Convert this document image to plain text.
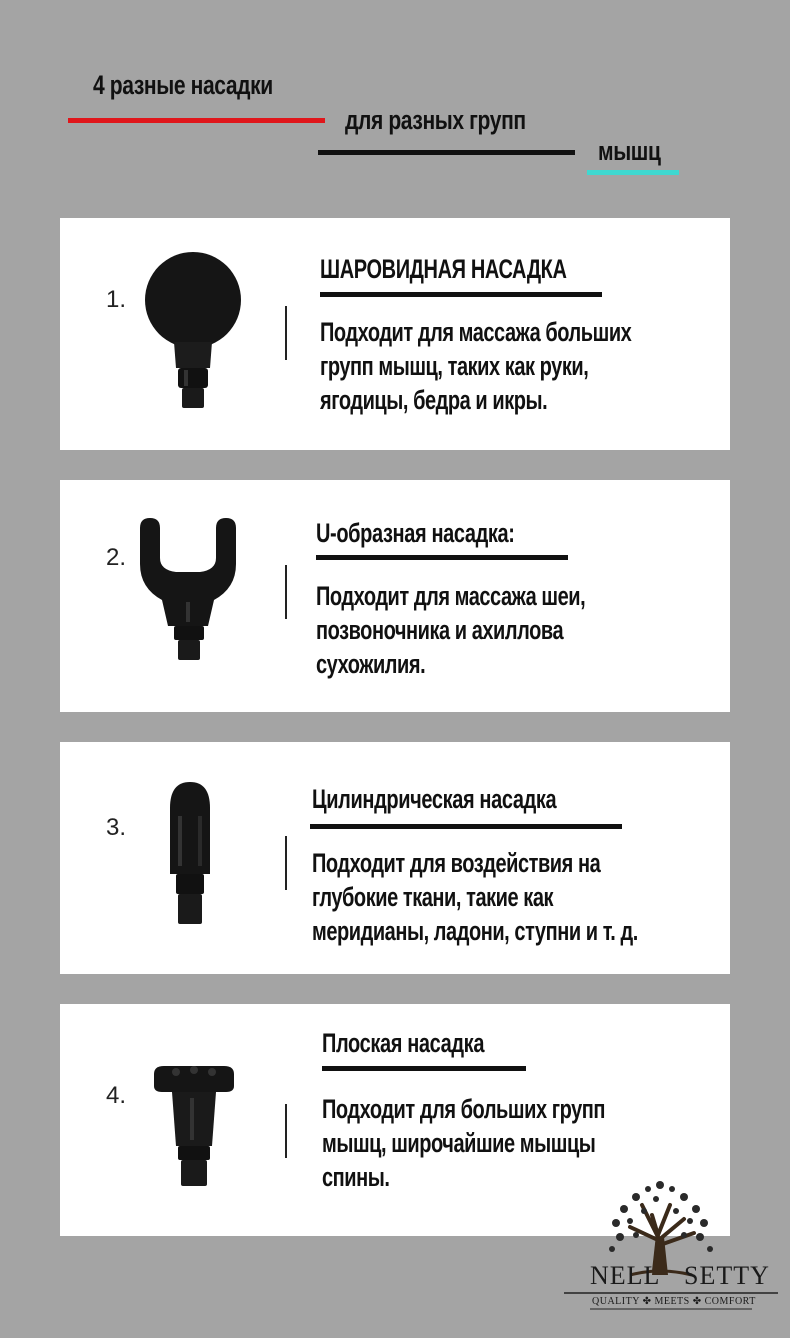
4 разные насадки
для разных групп
мышц
1.
ШАРОВИДНАЯ НАСАДКА
Подходит для массажа больших
групп мышц, таких как руки,
ягодицы, бедра и икры.
2.
U-образная насадка:
Подходит для массажа шеи,
позвоночника и ахиллова
сухожилия.
3.
Цилиндрическая насадка
Подходит для воздействия на
глубокие ткани, такие как
меридианы, ладони, ступни и т. д.
4.
Плоская насадка
Подходит для больших групп
мышц, широчайшие мышцы
спины.
NELL SETTY
QUALITY ✤ MEETS ✤ COMFORT
